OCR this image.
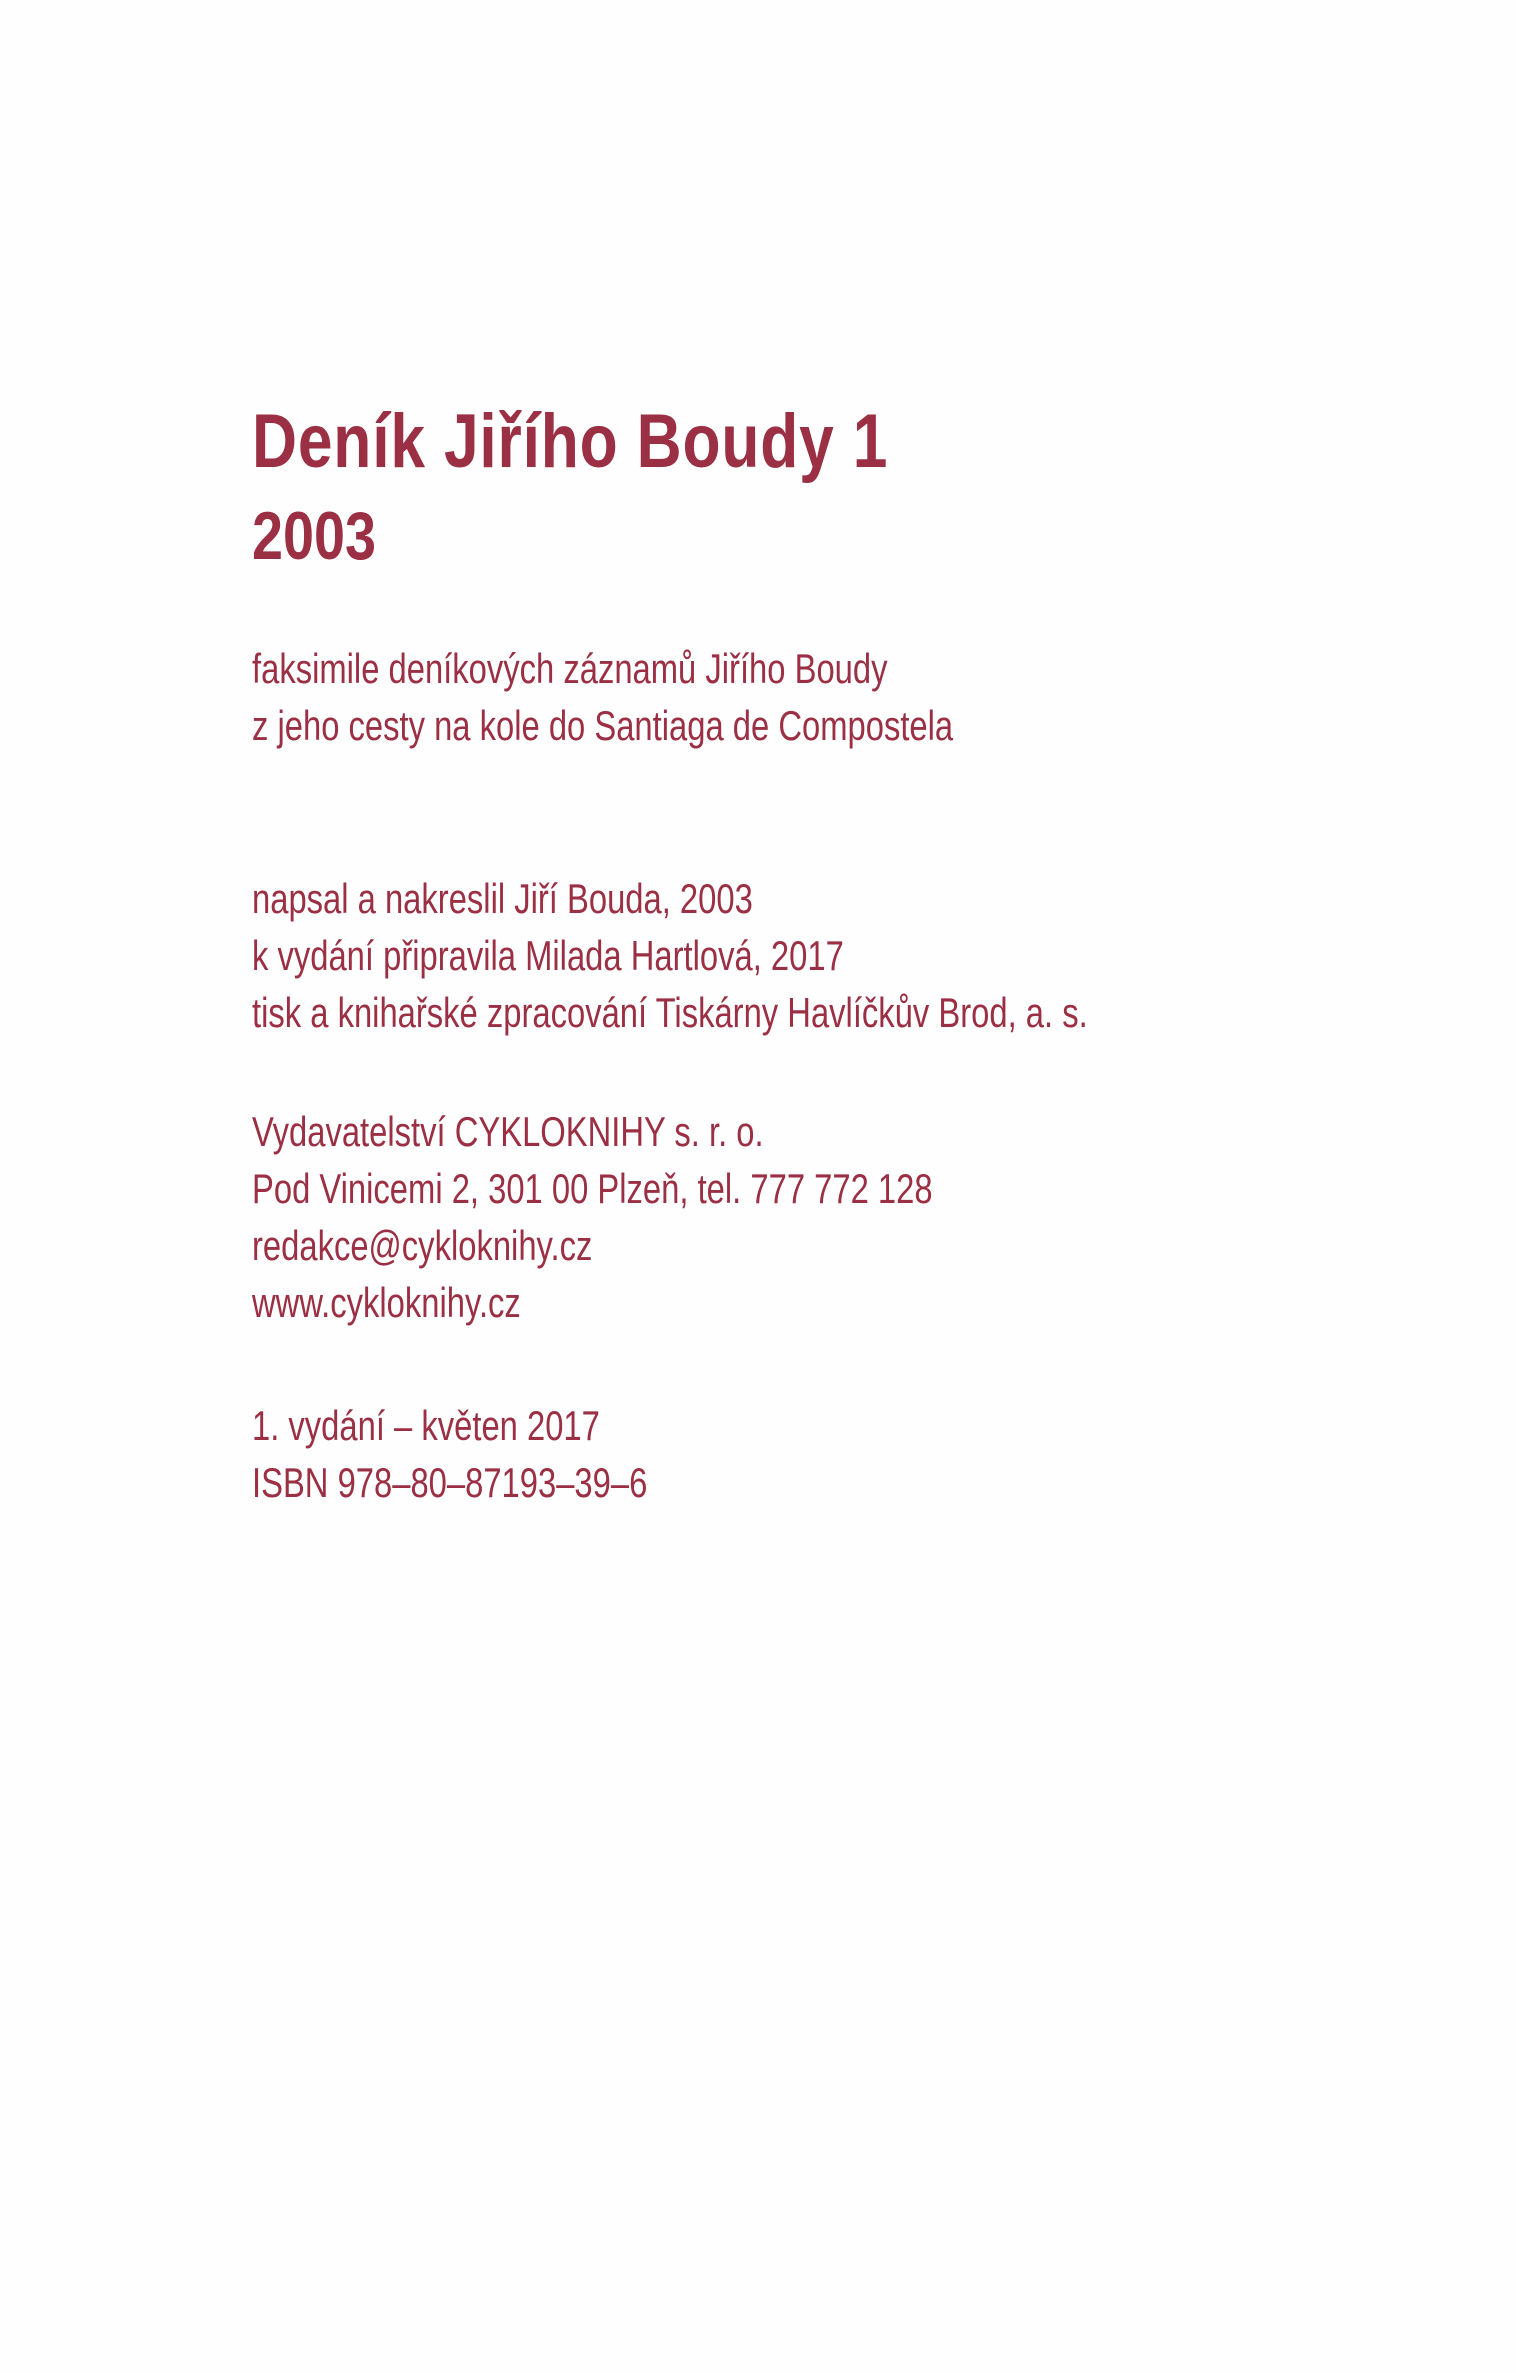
Deník Jiřího Boudy 1
2003
faksimile deníkových záznamů Jiřího Boudy
z jeho cesty na kole do Santiaga de Compostela
napsal a nakreslil Jiří Bouda, 2003
k vydání připravila Milada Hartlová, 2017
tisk a knihařské zpracování Tiskárny Havlíčkův Brod, a. s.
Vydavatelství CYKLOKNIHY s. r. o.
Pod Vinicemi 2, 301 00 Plzeň, tel. 777 772 128
redakce@cykloknihy.cz
www.cykloknihy.cz
1. vydání – květen 2017
ISBN 978–80–87193–39–6
